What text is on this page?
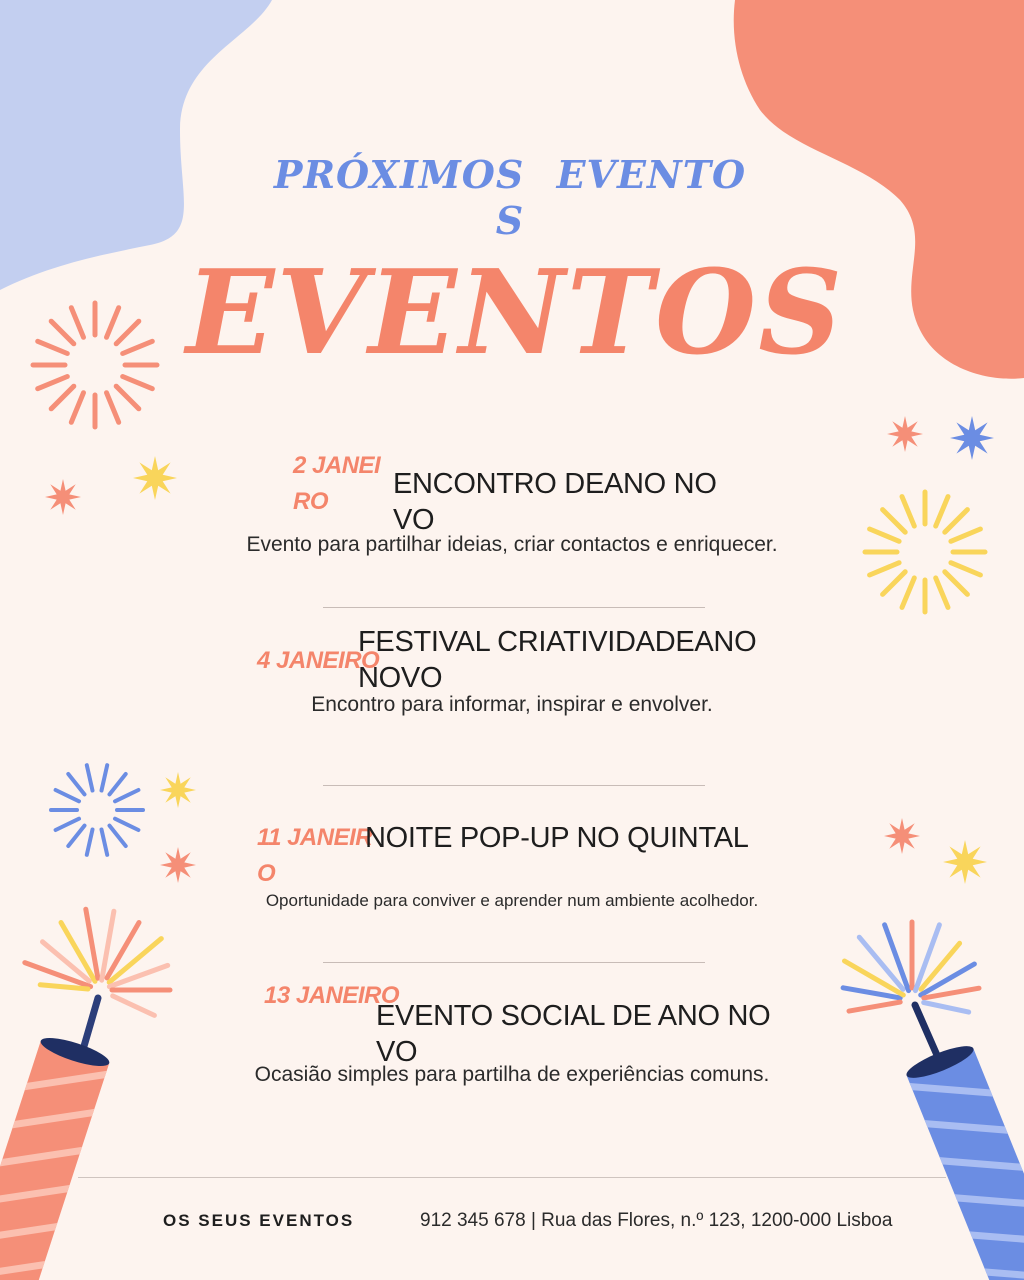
PRÓXIMOS EVENTO
S
EVENTOS
2 JANEIRO
ENCONTRO DEANO NOVO
Evento para partilhar ideias, criar contactos e enriquecer.
4 JANEIRO
FESTIVAL CRIATIVIDADEANO NOVO
Encontro para informar, inspirar e envolver.
11 JANEIRO
NOITE POP-UP NO QUINTAL
Oportunidade para conviver e aprender num ambiente acolhedor.
13 JANEIRO
EVENTO SOCIAL DE ANO NOVO
Ocasião simples para partilha de experiências comuns.
OS SEUS EVENTOS	912 345 678 | Rua das Flores, n.º 123, 1200-000 Lisboa
